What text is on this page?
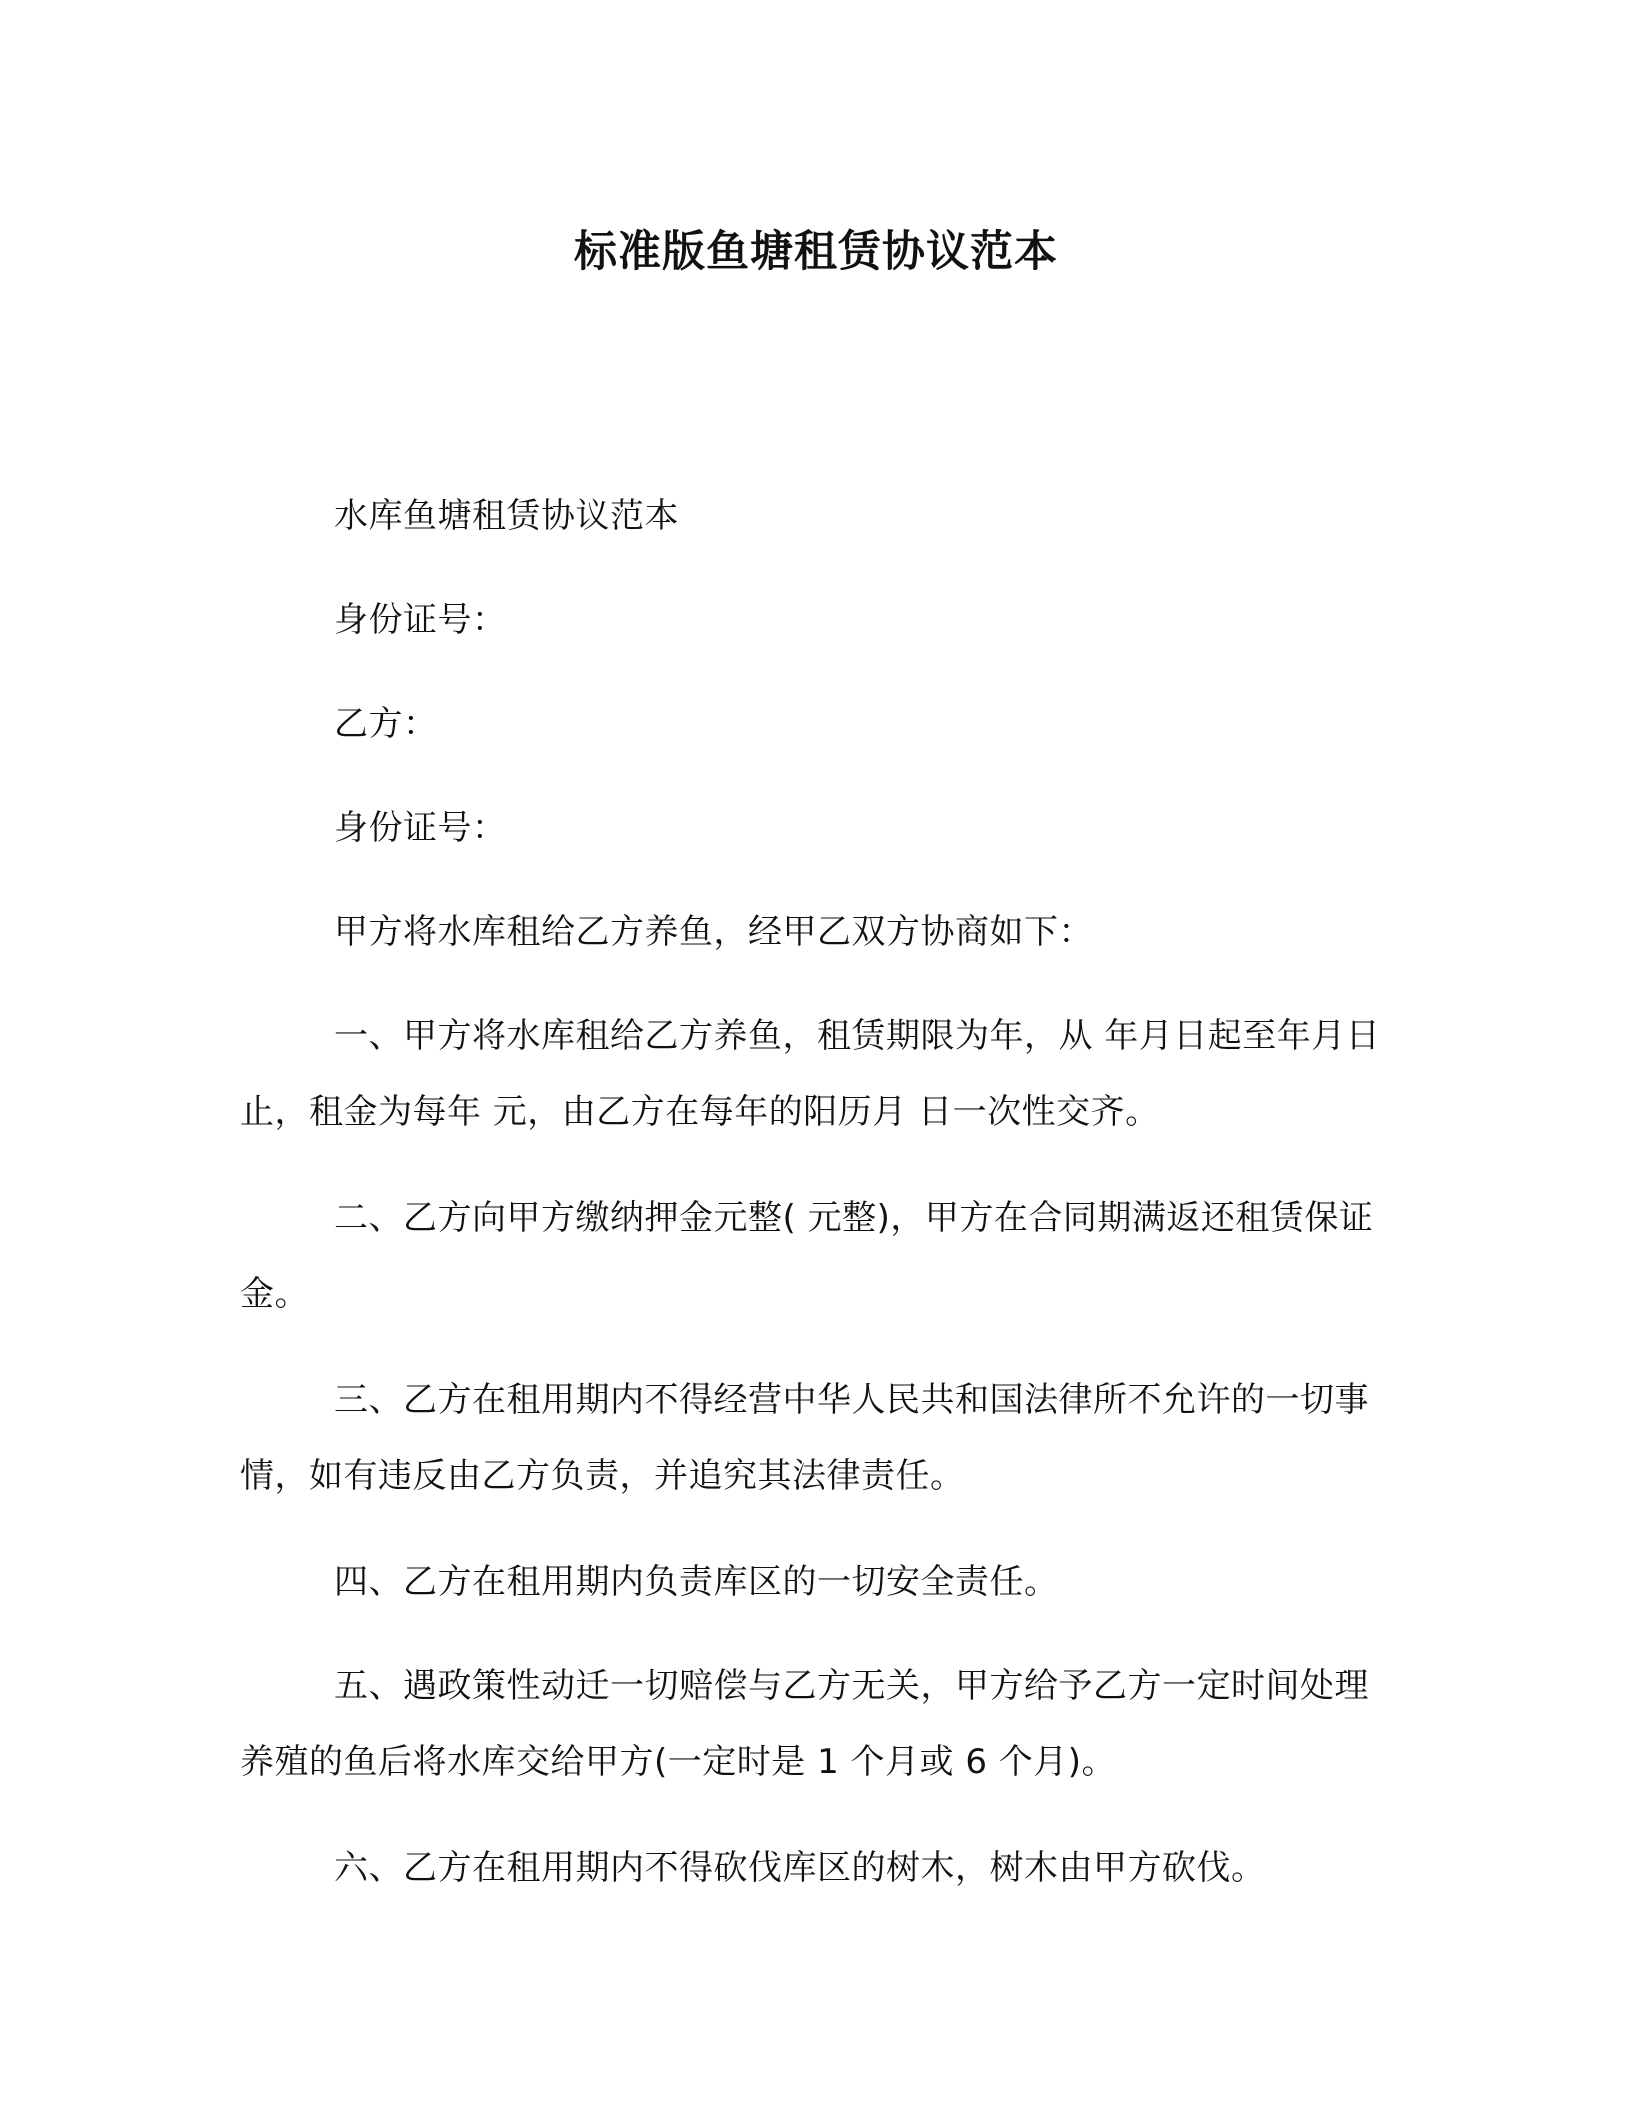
标准版鱼塘租赁协议范本

水库鱼塘租赁协议范本

身份证号：

乙方：

身份证号：

甲方将水库租给乙方养鱼，经甲乙双方协商如下：

一、甲方将水库租给乙方养鱼，租赁期限为年，从 年月日起至年月日止，租金为每年 元，由乙方在每年的阳历月 日一次性交齐。

二、乙方向甲方缴纳押金元整( 元整)，甲方在合同期满返还租赁保证金。

三、乙方在租用期内不得经营中华人民共和国法律所不允许的一切事情，如有违反由乙方负责，并追究其法律责任。

四、乙方在租用期内负责库区的一切安全责任。

五、遇政策性动迁一切赔偿与乙方无关，甲方给予乙方一定时间处理养殖的鱼后将水库交给甲方(一定时是 1 个月或 6 个月)。

六、乙方在租用期内不得砍伐库区的树木，树木由甲方砍伐。
